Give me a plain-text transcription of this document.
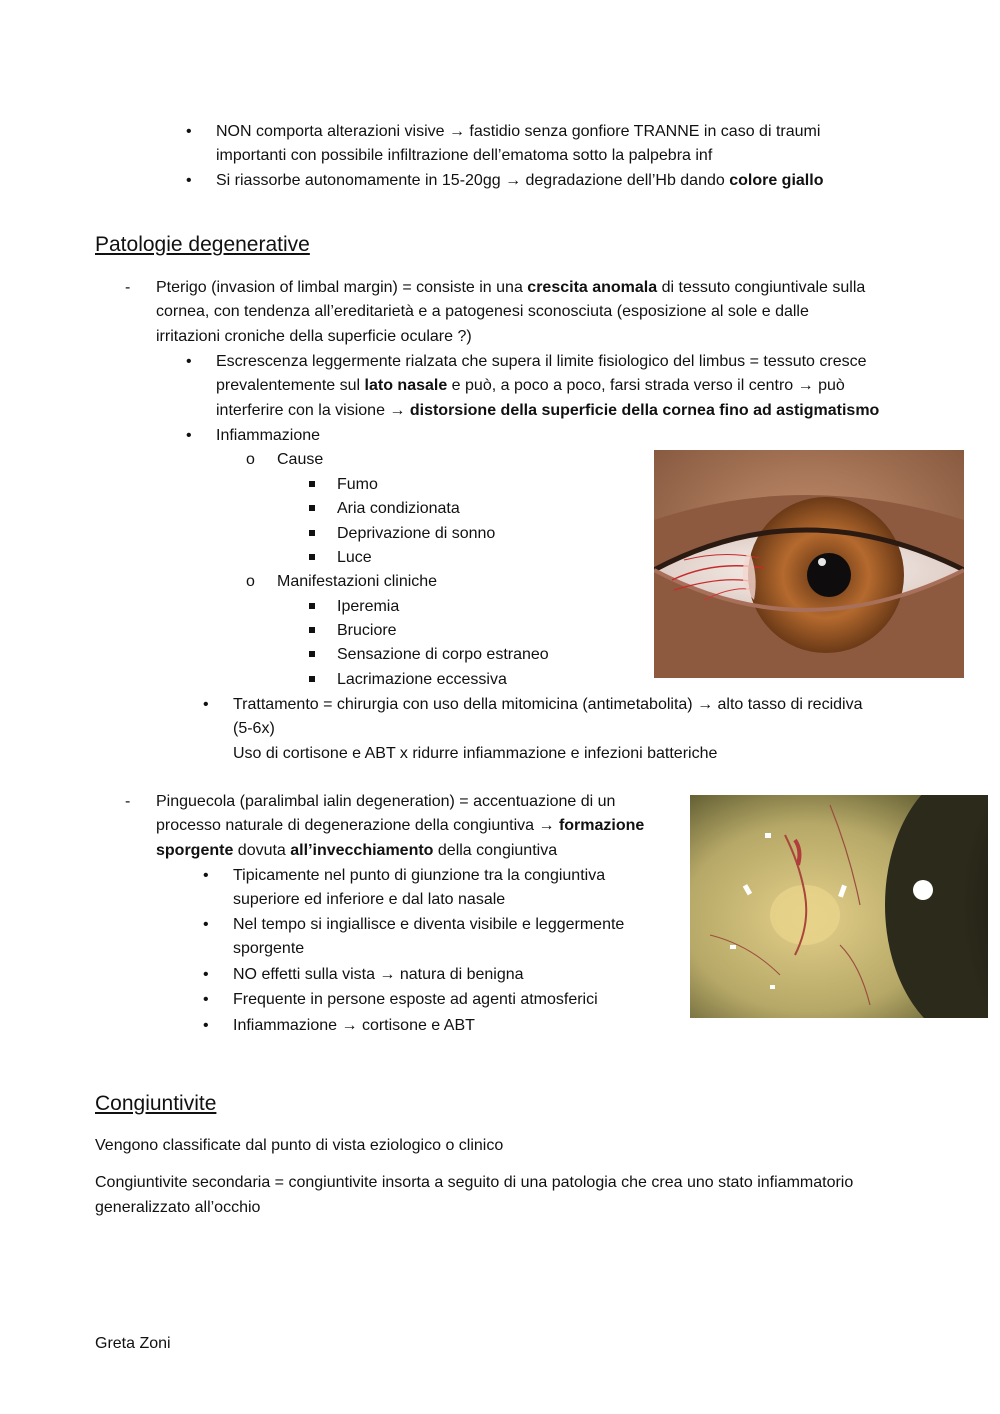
• NON comporta alterazioni visive → fastidio senza gonfiore TRANNE in caso di traumi
importanti con possibile infiltrazione dell’ematoma sotto la palpebra inf
• Si riassorbe autonomamente in 15-20gg → degradazione dell’Hb dando colore giallo
Patologie degenerative
- Pterigo (invasion of limbal margin) = consiste in una crescita anomala di tessuto congiuntivale sulla
cornea, con tendenza all’ereditarietà e a patogenesi sconosciuta (esposizione al sole e dalle
irritazioni croniche della superficie oculare ?)
• Escrescenza leggermente rialzata che supera il limite fisiologico del limbus = tessuto cresce
prevalentemente sul lato nasale e può, a poco a poco, farsi strada verso il centro → può
interferire con la visione → distorsione della superficie della cornea fino ad astigmatismo
• Infiammazione
o Cause
Fumo
Aria condizionata
Deprivazione di sonno
Luce
o Manifestazioni cliniche
Iperemia
Bruciore
Sensazione di corpo estraneo
Lacrimazione eccessiva
• Trattamento = chirurgia con uso della mitomicina (antimetabolita) → alto tasso di recidiva
(5-6x)
Uso di cortisone e ABT x ridurre infiammazione e infezioni batteriche
- Pinguecola (paralimbal ialin degeneration) = accentuazione di un
processo naturale di degenerazione della congiuntiva → formazione
sporgente dovuta all’invecchiamento della congiuntiva
• Tipicamente nel punto di giunzione tra la congiuntiva
superiore ed inferiore e dal lato nasale
• Nel tempo si ingiallisce e diventa visibile e leggermente
sporgente
• NO effetti sulla vista → natura di benigna
• Frequente in persone esposte ad agenti atmosferici
• Infiammazione → cortisone e ABT
Congiuntivite
Vengono classificate dal punto di vista eziologico o clinico
Congiuntivite secondaria = congiuntivite insorta a seguito di una patologia che crea uno stato infiammatorio
generalizzato all’occhio
Greta Zoni
